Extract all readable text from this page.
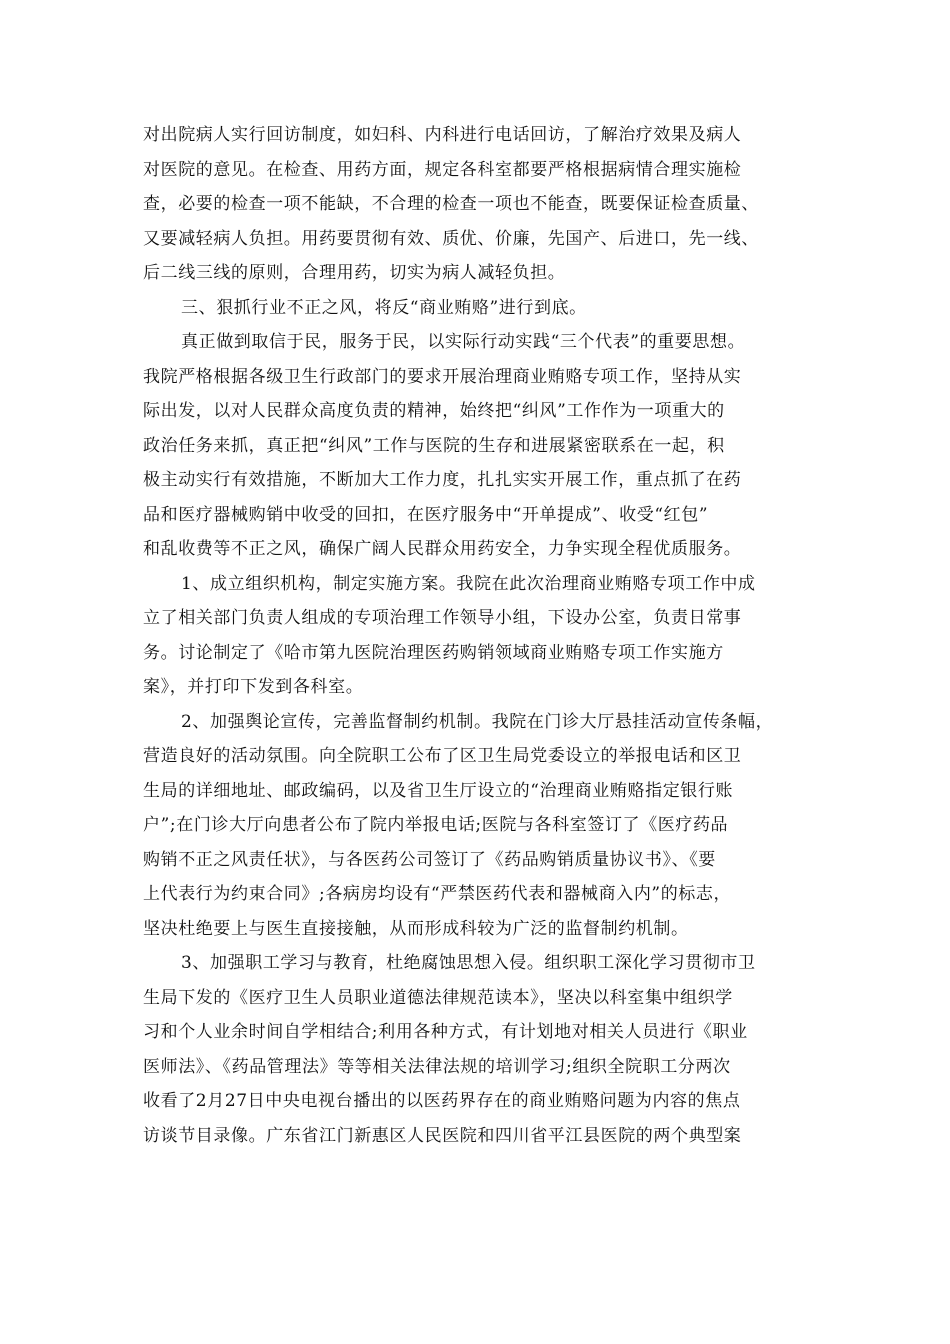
对出院病人实行回访制度，如妇科、内科进行电话回访，了解治疗效果及病人
对医院的意见。在检查、用药方面，规定各科室都要严格根据病情合理实施检
查，必要的检查一项不能缺，不合理的检查一项也不能查，既要保证检查质量、
又要减轻病人负担。用药要贯彻有效、质优、价廉，先国产、后进口，先一线、
后二线三线的原则，合理用药，切实为病人减轻负担。
三、狠抓行业不正之风，将反“商业贿赂”进行到底。
真正做到取信于民，服务于民，以实际行动实践“三个代表”的重要思想。
我院严格根据各级卫生行政部门的要求开展治理商业贿赂专项工作，坚持从实
际出发，以对人民群众高度负责的精神，始终把“纠风”工作作为一项重大的
政治任务来抓，真正把“纠风”工作与医院的生存和进展紧密联系在一起，积
极主动实行有效措施，不断加大工作力度，扎扎实实开展工作，重点抓了在药
品和医疗器械购销中收受的回扣，在医疗服务中“开单提成”、收受“红包”
和乱收费等不正之风，确保广阔人民群众用药安全，力争实现全程优质服务。
1、成立组织机构，制定实施方案。我院在此次治理商业贿赂专项工作中成
立了相关部门负责人组成的专项治理工作领导小组，下设办公室，负责日常事
务。讨论制定了《哈市第九医院治理医药购销领域商业贿赂专项工作实施方
案》，并打印下发到各科室。
2、加强舆论宣传，完善监督制约机制。我院在门诊大厅悬挂活动宣传条幅，
营造良好的活动氛围。向全院职工公布了区卫生局党委设立的举报电话和区卫
生局的详细地址、邮政编码，以及省卫生厅设立的“治理商业贿赂指定银行账
户”;在门诊大厅向患者公布了院内举报电话;医院与各科室签订了《医疗药品
购销不正之风责任状》，与各医药公司签订了《药品购销质量协议书》、《要
上代表行为约束合同》;各病房均设有“严禁医药代表和器械商入内”的标志，
坚决杜绝要上与医生直接接触，从而形成科较为广泛的监督制约机制。
3、加强职工学习与教育，杜绝腐蚀思想入侵。组织职工深化学习贯彻市卫
生局下发的《医疗卫生人员职业道德法律规范读本》，坚决以科室集中组织学
习和个人业余时间自学相结合;利用各种方式，有计划地对相关人员进行《职业
医师法》、《药品管理法》等等相关法律法规的培训学习;组织全院职工分两次
收看了2月27日中央电视台播出的以医药界存在的商业贿赂问题为内容的焦点
访谈节目录像。广东省江门新惠区人民医院和四川省平江县医院的两个典型案
